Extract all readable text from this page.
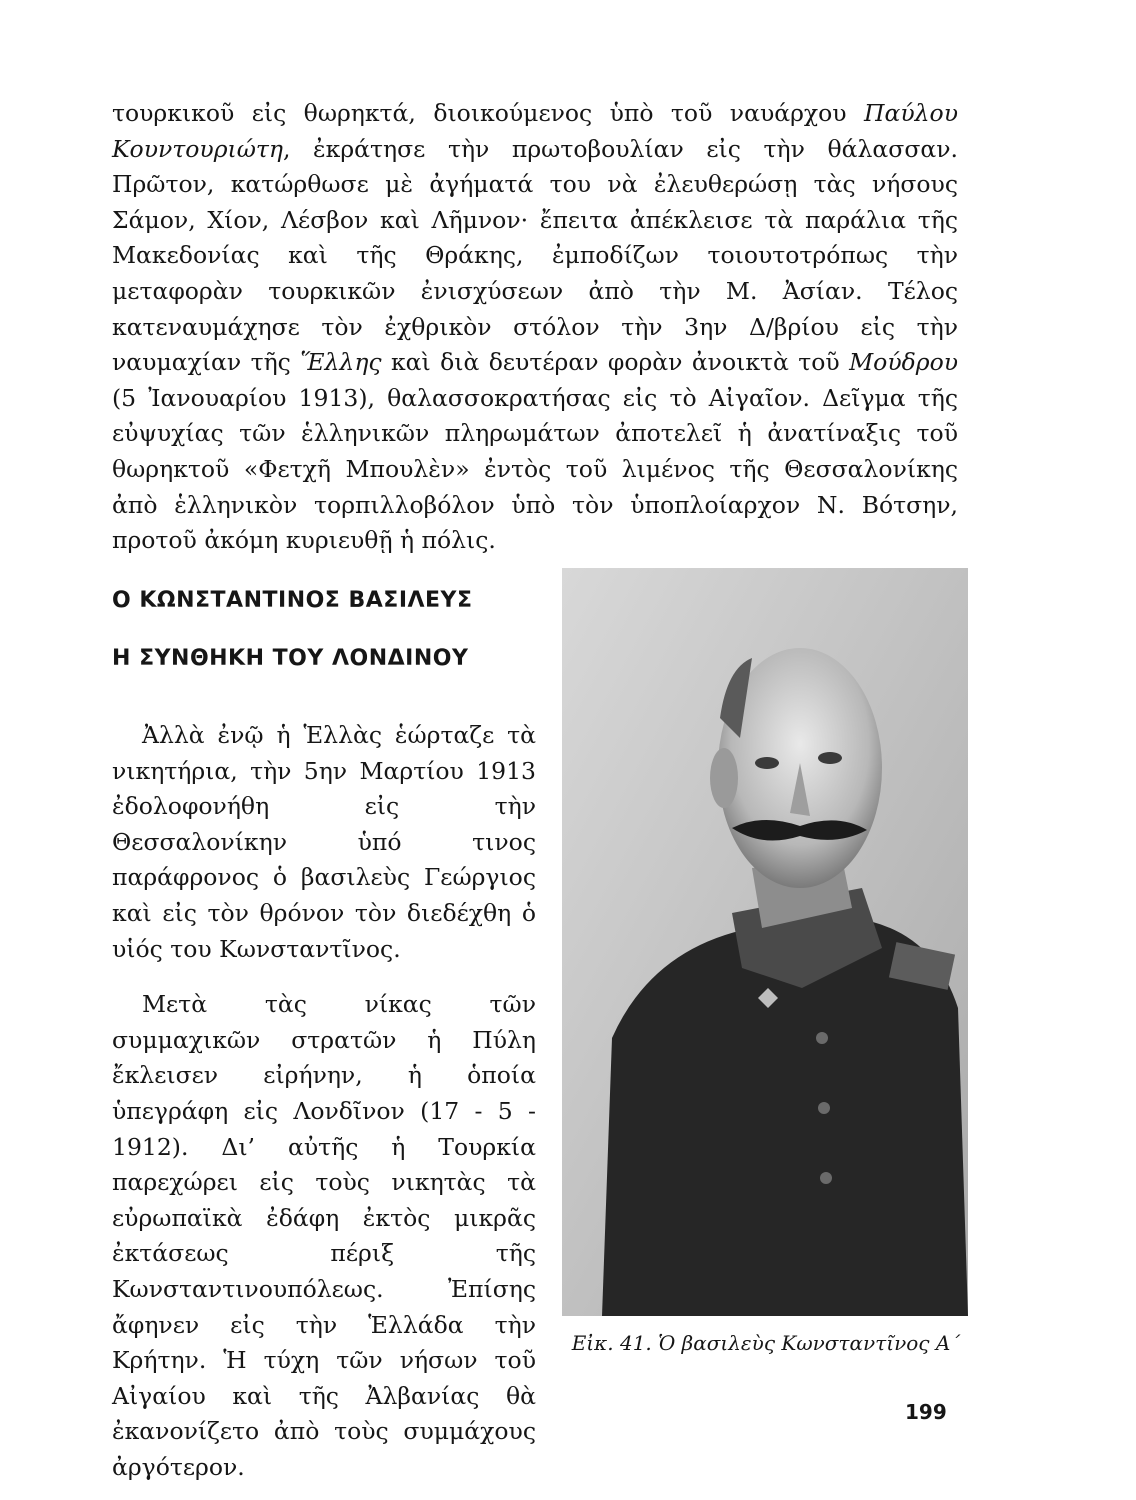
τουρκικοῦ εἰς θωρηκτά, διοικούμενος ὑπὸ τοῦ ναυάρχου Παύλου Κουντουριώτη, ἐκράτησε τὴν πρωτοβουλίαν εἰς τὴν θάλασσαν. Πρῶτον, κατώρθωσε μὲ ἀγήματά του νὰ ἐλευθερώσῃ τὰς νήσους Σάμον, Χίον, Λέσβον καὶ Λῆμνον· ἔπειτα ἀπέκλεισε τὰ παράλια τῆς Μακεδονίας καὶ τῆς Θράκης, ἐμποδίζων τοιουτοτρόπως τὴν μεταφορὰν τουρκικῶν ἐνισχύσεων ἀπὸ τὴν Μ. Ἀσίαν. Τέλος κατεναυμάχησε τὸν ἐχθρικὸν στόλον τὴν 3ην Δ/βρίου εἰς τὴν ναυμαχίαν τῆς Ἕλλης καὶ διὰ δευτέραν φορὰν ἀνοικτὰ τοῦ Μούδρου (5 Ἰανουαρίου 1913), θαλασσοκρατήσας εἰς τὸ Αἰγαῖον. Δεῖγμα τῆς εὐψυχίας τῶν ἑλληνικῶν πληρωμάτων ἀποτελεῖ ἡ ἀνατίναξις τοῦ θωρηκτοῦ «Φετχῆ Μπουλὲν» ἐντὸς τοῦ λιμένος τῆς Θεσσαλονίκης ἀπὸ ἑλληνικὸν τορπιλλοβόλον ὑπὸ τὸν ὑποπλοίαρχον Ν. Βότσην, προτοῦ ἀκόμη κυριευθῇ ἡ πόλις.

Ο ΚΩΝΣΤΑΝΤΙΝΟΣ ΒΑΣΙΛΕΥΣ
Η ΣΥΝΘΗΚΗ ΤΟΥ ΛΟΝΔΙΝΟΥ

Ἀλλὰ ἐνῷ ἡ Ἑλλὰς ἑώρταζε τὰ νικητήρια, τὴν 5ην Μαρτίου 1913 ἐδολοφονήθη εἰς τὴν Θεσσαλονίκην ὑπό τινος παράφρονος ὁ βασιλεὺς Γεώργιος καὶ εἰς τὸν θρόνον τὸν διεδέχθη ὁ υἱός του Κωνσταντῖνος.

Μετὰ τὰς νίκας τῶν συμμαχικῶν στρατῶν ἡ Πύλη ἔκλεισεν εἰρήνην, ἡ ὁποία ὑπεγράφη εἰς Λονδῖνον (17 - 5 - 1912). Δι’ αὐτῆς ἡ Τουρκία παρεχώρει εἰς τοὺς νικητὰς τὰ εὐρωπαϊκὰ ἐδάφη ἐκτὸς μικρᾶς ἐκτάσεως πέριξ τῆς Κωνσταντινουπόλεως. Ἐπίσης ἄφηνεν εἰς τὴν Ἑλλάδα τὴν Κρήτην. Ἡ τύχη τῶν νήσων τοῦ Αἰγαίου καὶ τῆς Ἀλβανίας θὰ ἐκανονίζετο ἀπὸ τοὺς συμμάχους ἀργότερον.

Εἰκ. 41. Ὁ βασιλεὺς Κωνσταντῖνος Α΄
199
